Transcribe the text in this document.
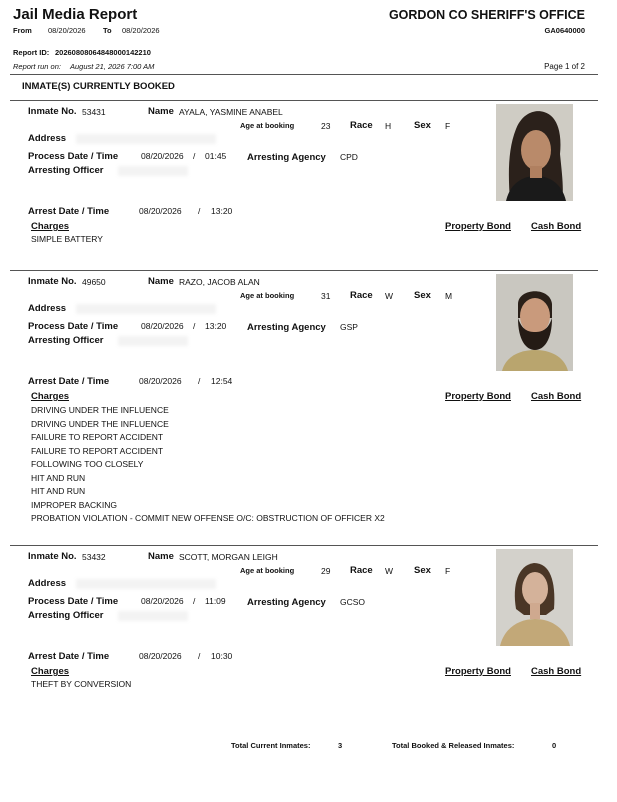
Jail Media Report
From 08/20/2026 To 08/20/2026
GORDON CO SHERIFF'S OFFICE
GA0640000
Report ID: 20260808064848000142210
Report run on: August 21, 2026 7:00 AM	Page 1 of 2
INMATE(S) CURRENTLY BOOKED
Inmate No. 53431	Name AYALA, YASMINE ANABEL
Age at booking	23 Race H Sex F
Address
Process Date / Time	08/20/2026 / 01:45 Arresting Agency CPD
Arresting Officer
Arrest Date / Time	08/20/2026 / 13:20
Charges	Property Bond Cash Bond
SIMPLE BATTERY
Inmate No. 49650	Name RAZO, JACOB ALAN
Age at booking	31 Race W Sex M
Address
Process Date / Time	08/20/2026 / 13:20 Arresting Agency GSP
Arresting Officer
Arrest Date / Time	08/20/2026 / 12:54
Charges	Property Bond Cash Bond
DRIVING UNDER THE INFLUENCE
DRIVING UNDER THE INFLUENCE
FAILURE TO REPORT ACCIDENT
FAILURE TO REPORT ACCIDENT
FOLLOWING TOO CLOSELY
HIT AND RUN
HIT AND RUN
IMPROPER BACKING
PROBATION VIOLATION - COMMIT NEW OFFENSE O/C: OBSTRUCTION OF OFFICER X2
Inmate No. 53432	Name SCOTT, MORGAN LEIGH
Age at booking	29 Race W Sex F
Address
Process Date / Time	08/20/2026 / 11:09 Arresting Agency GCSO
Arresting Officer
Arrest Date / Time	08/20/2026 / 10:30
Charges	Property Bond Cash Bond
THEFT BY CONVERSION
Total Current Inmates:	3	Total Booked & Released Inmates:	0
